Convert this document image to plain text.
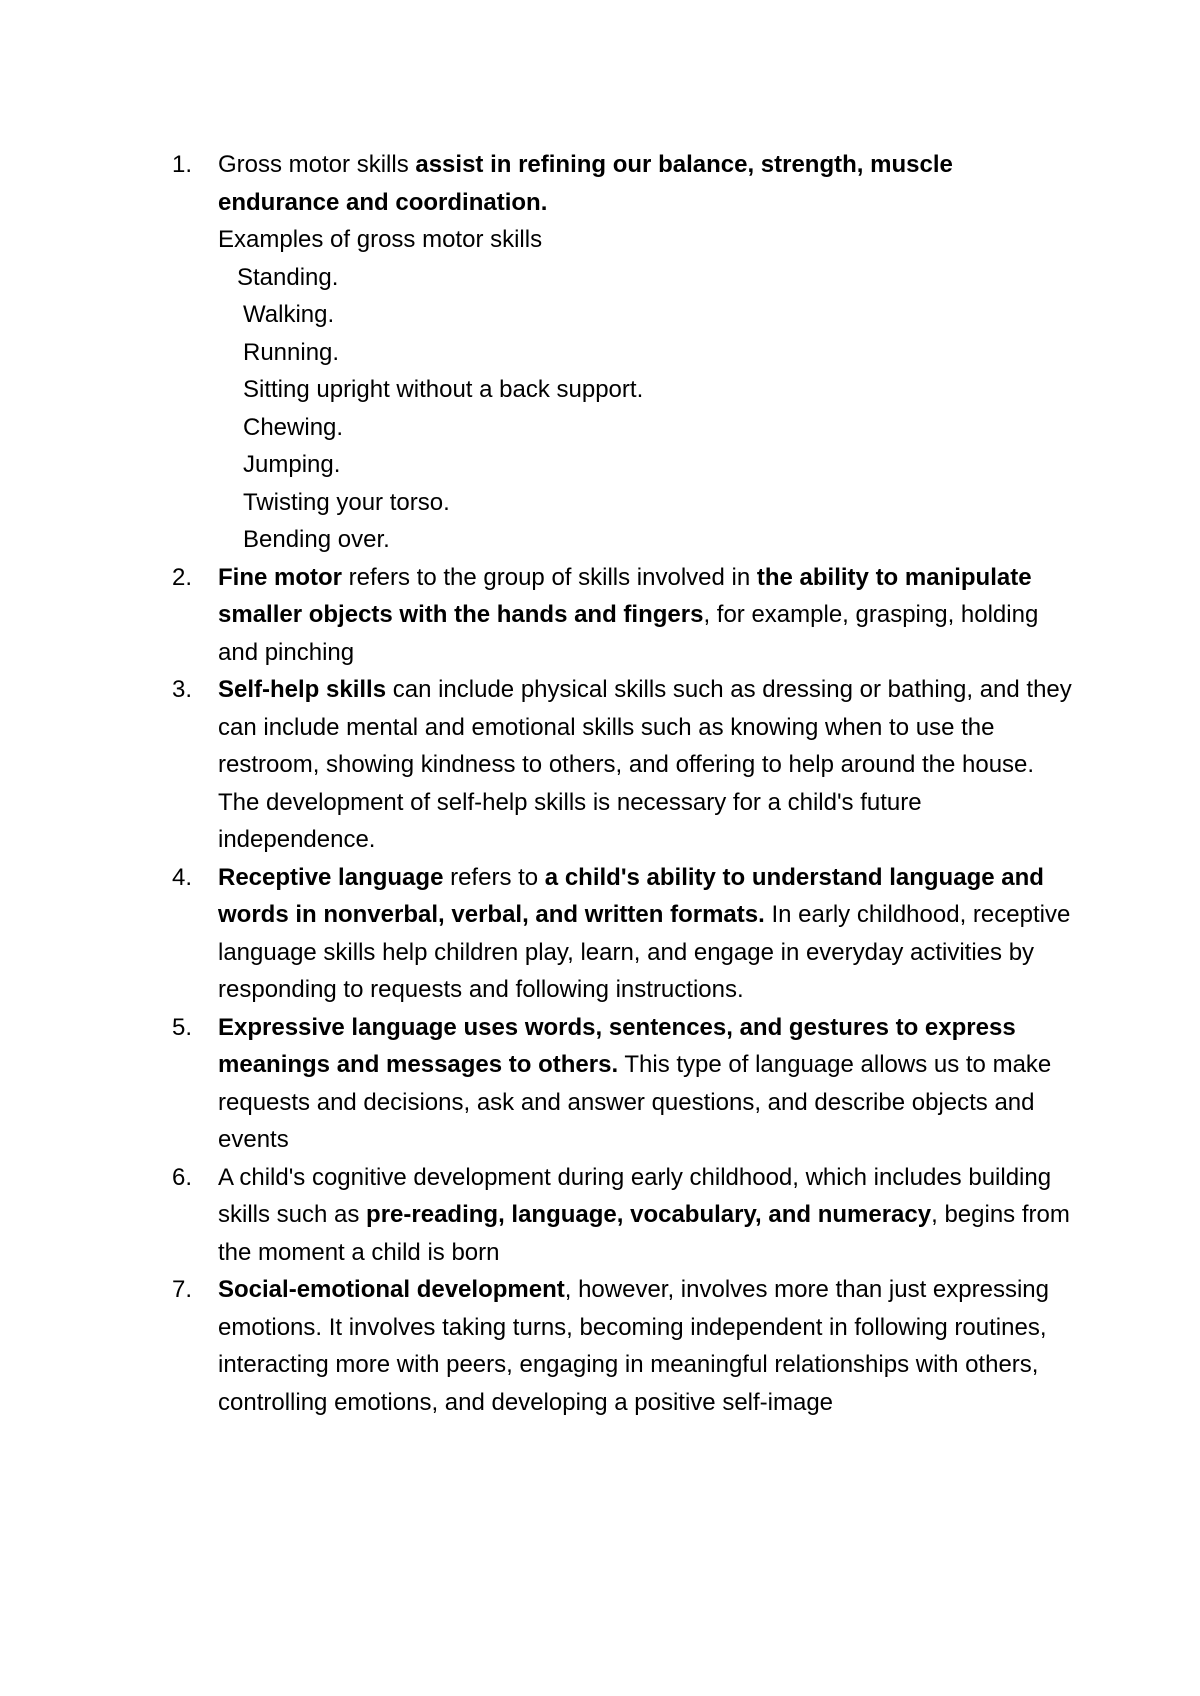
1.	Gross motor skills assist in refining our balance, strength, muscle endurance and coordination.
Examples of gross motor skills
Standing.
Walking.
Running.
Sitting upright without a back support.
Chewing.
Jumping.
Twisting your torso.
Bending over.
2.	Fine motor refers to the group of skills involved in the ability to manipulate smaller objects with the hands and fingers, for example, grasping, holding and pinching
3.	Self-help skills can include physical skills such as dressing or bathing, and they can include mental and emotional skills such as knowing when to use the restroom, showing kindness to others, and offering to help around the house. The development of self-help skills is necessary for a child's future independence.
4.	Receptive language refers to a child's ability to understand language and words in nonverbal, verbal, and written formats. In early childhood, receptive language skills help children play, learn, and engage in everyday activities by responding to requests and following instructions.
5.	Expressive language uses words, sentences, and gestures to express meanings and messages to others. This type of language allows us to make requests and decisions, ask and answer questions, and describe objects and events
6.	A child's cognitive development during early childhood, which includes building skills such as pre-reading, language, vocabulary, and numeracy, begins from the moment a child is born
7.	Social-emotional development, however, involves more than just expressing emotions. It involves taking turns, becoming independent in following routines, interacting more with peers, engaging in meaningful relationships with others, controlling emotions, and developing a positive self-image
